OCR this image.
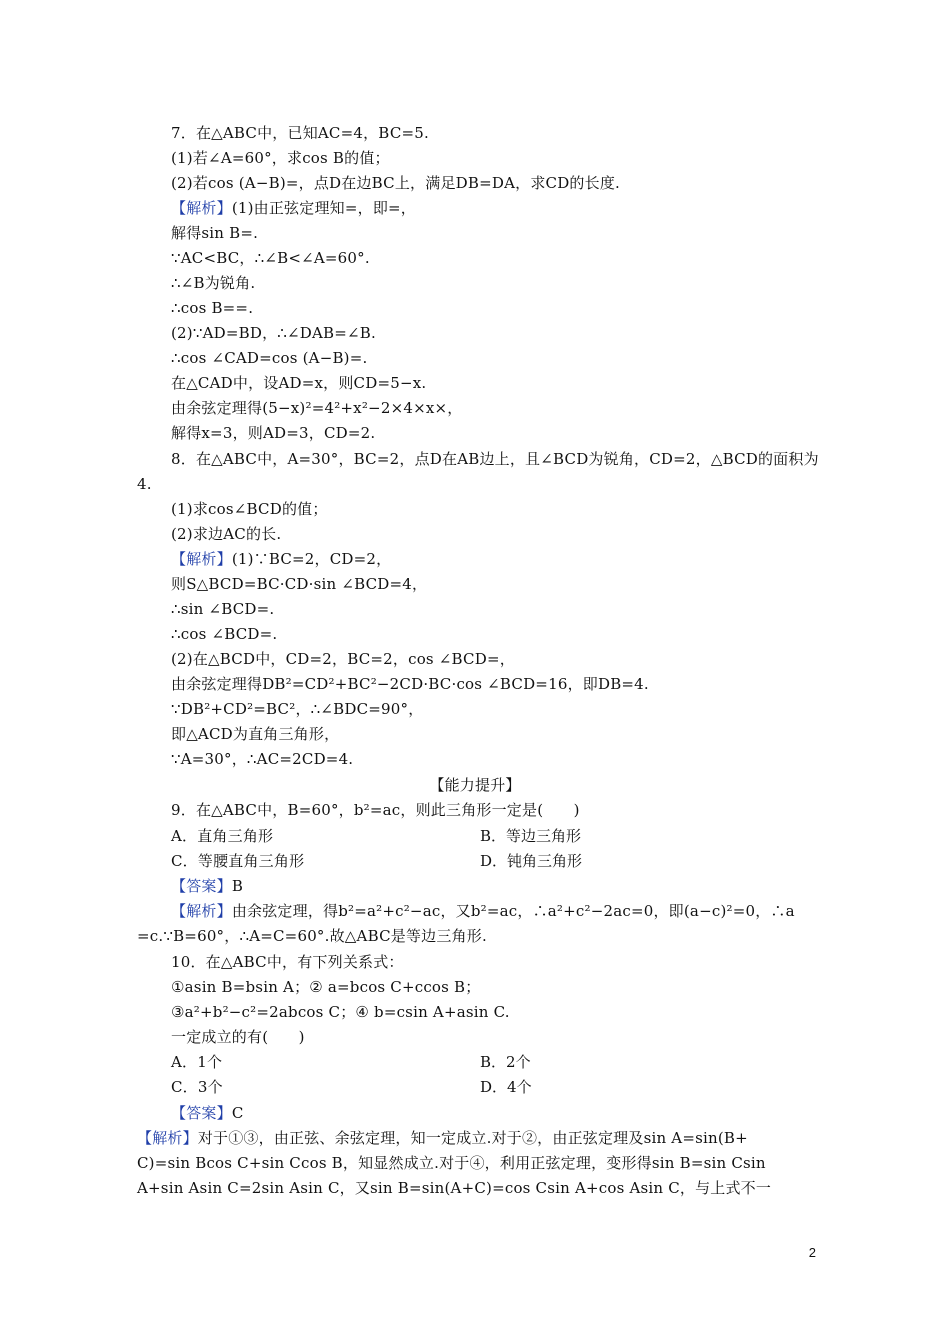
7．在△ABC中，已知AC=4，BC=5.
(1)若∠A=60°，求cos B的值；
(2)若cos (A−B)=，点D在边BC上，满足DB=DA，求CD的长度.
【解析】(1)由正弦定理知=，即=，
解得sin B=.
∵AC<BC，∴∠B<∠A=60°.
∴∠B为锐角.
∴cos B==.
(2)∵AD=BD，∴∠DAB=∠B.
∴cos ∠CAD=cos (A−B)=.
在△CAD中，设AD=x，则CD=5−x.
由余弦定理得(5−x)²=4²+x²−2×4×x×，
解得x=3，则AD=3，CD=2.
8．在△ABC中，A=30°，BC=2，点D在AB边上，且∠BCD为锐角，CD=2，△BCD的面积为
4.
(1)求cos∠BCD的值；
(2)求边AC的长.
【解析】(1)∵BC=2，CD=2，
则S△BCD=BC·CD·sin ∠BCD=4，
∴sin ∠BCD=.
∴cos ∠BCD=.
(2)在△BCD中，CD=2，BC=2，cos ∠BCD=，
由余弦定理得DB²=CD²+BC²−2CD·BC·cos ∠BCD=16，即DB=4.
∵DB²+CD²=BC²，∴∠BDC=90°，
即△ACD为直角三角形，
∵A=30°，∴AC=2CD=4.
【能力提升】
9．在△ABC中，B=60°，b²=ac，则此三角形一定是(　　)
A．直角三角形	B．等边三角形
C．等腰直角三角形	D．钝角三角形
【答案】B
【解析】由余弦定理，得b²=a²+c²−ac，又b²=ac，∴a²+c²−2ac=0，即(a−c)²=0，∴a
=c.∵B=60°，∴A=C=60°.故△ABC是等边三角形.
10．在△ABC中，有下列关系式：
①asin B=bsin A；② a=bcos C+ccos B；
③a²+b²−c²=2abcos C；④ b=csin A+asin C.
一定成立的有(　　)
A．1个	B．2个
C．3个	D．4个
【答案】C
【解析】对于①③，由正弦、余弦定理，知一定成立.对于②，由正弦定理及sin A=sin(B+
C)=sin Bcos C+sin Ccos B，知显然成立.对于④，利用正弦定理，变形得sin B=sin Csin
A+sin Asin C=2sin Asin C，又sin B=sin(A+C)=cos Csin A+cos Asin C，与上式不一
2
